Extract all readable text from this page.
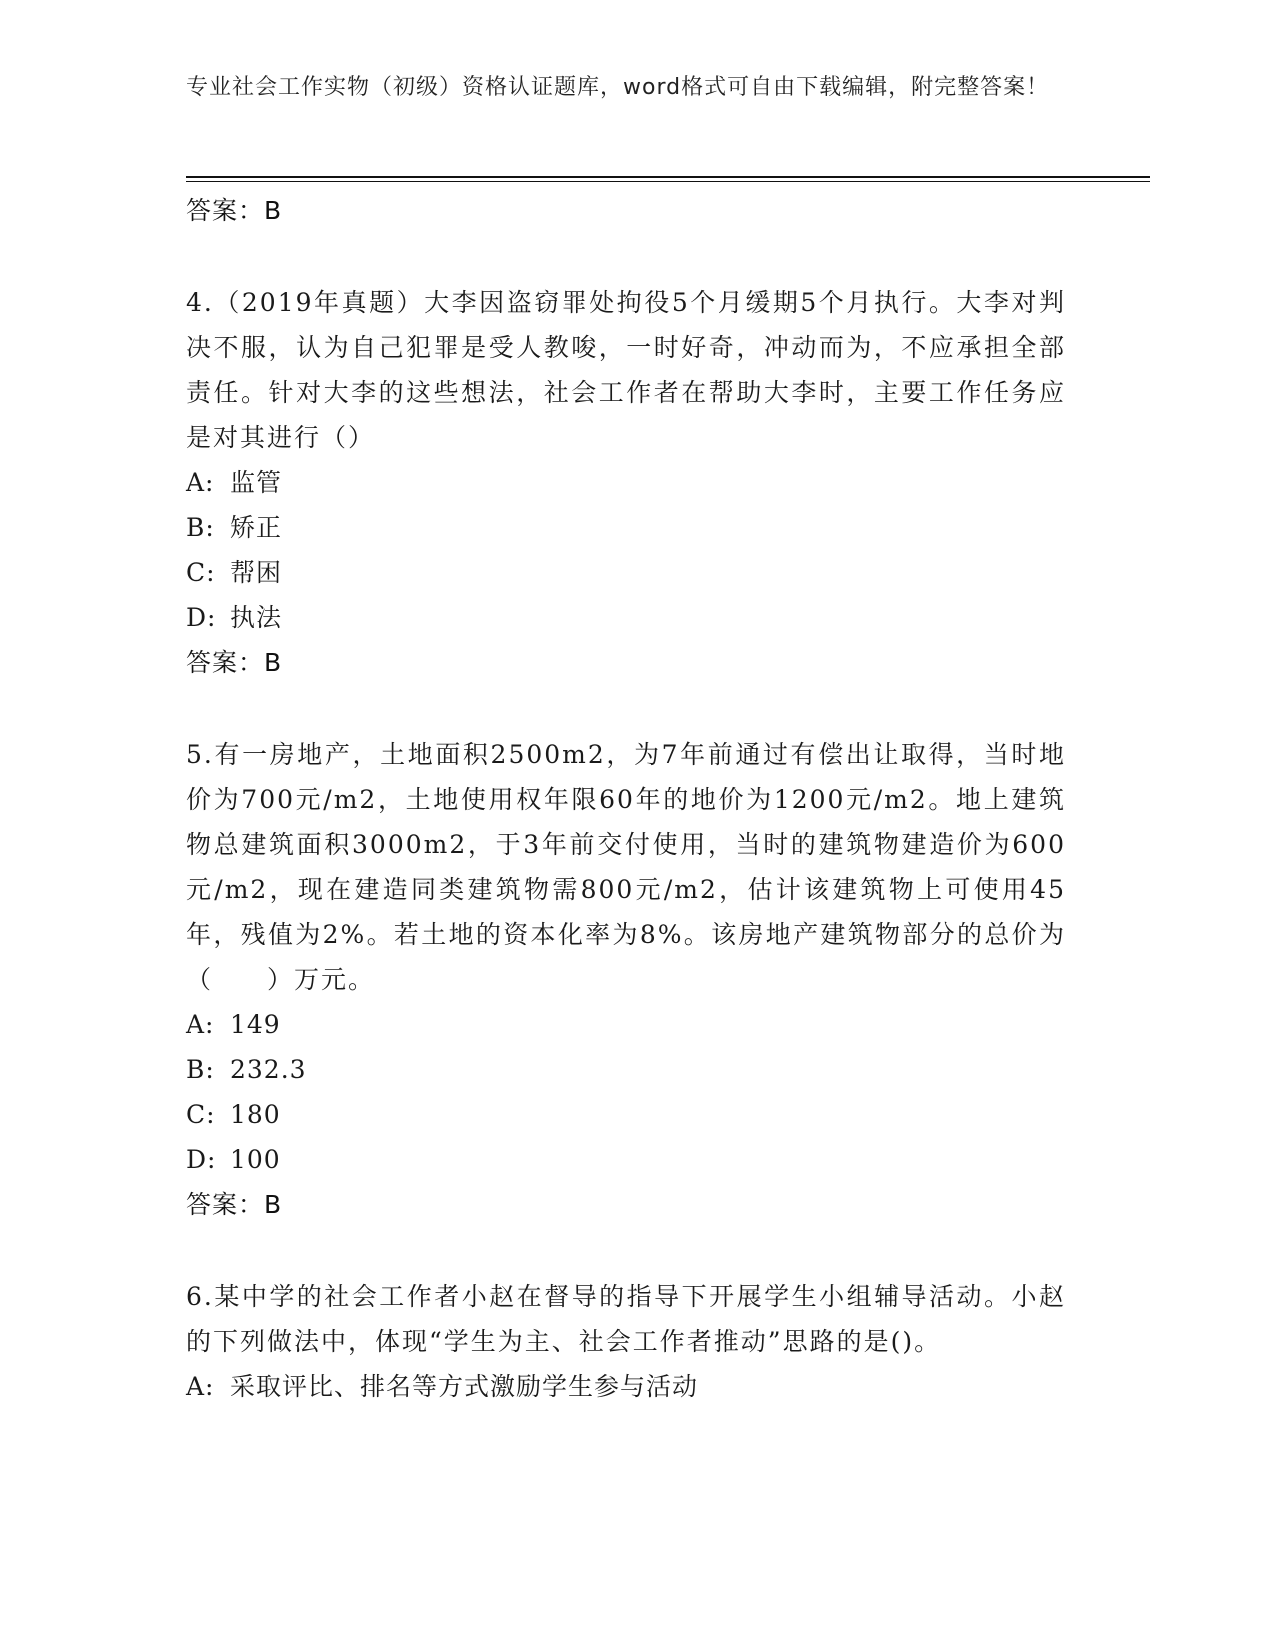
专业社会工作实物（初级）资格认证题库，word格式可自由下载编辑，附完整答案！
答案：B
4.（2019年真题）大李因盗窃罪处拘役5个月缓期5个月执行。大李对判决不服，认为自己犯罪是受人教唆，一时好奇，冲动而为，不应承担全部责任。针对大李的这些想法，社会工作者在帮助大李时，主要工作任务应是对其进行（）
A: 监管
B: 矫正
C: 帮困
D: 执法
答案：B
5.有一房地产，土地面积2500m2，为7年前通过有偿出让取得，当时地价为700元/m2，土地使用权年限60年的地价为1200元/m2。地上建筑物总建筑面积3000m2，于3年前交付使用，当时的建筑物建造价为600元/m2，现在建造同类建筑物需800元/m2，估计该建筑物上可使用45年，残值为2%。若土地的资本化率为8%。该房地产建筑物部分的总价为（　　）万元。
A: 149
B: 232.3
C: 180
D: 100
答案：B
6.某中学的社会工作者小赵在督导的指导下开展学生小组辅导活动。小赵的下列做法中，体现“学生为主、社会工作者推动”思路的是()。
A: 采取评比、排名等方式激励学生参与活动
